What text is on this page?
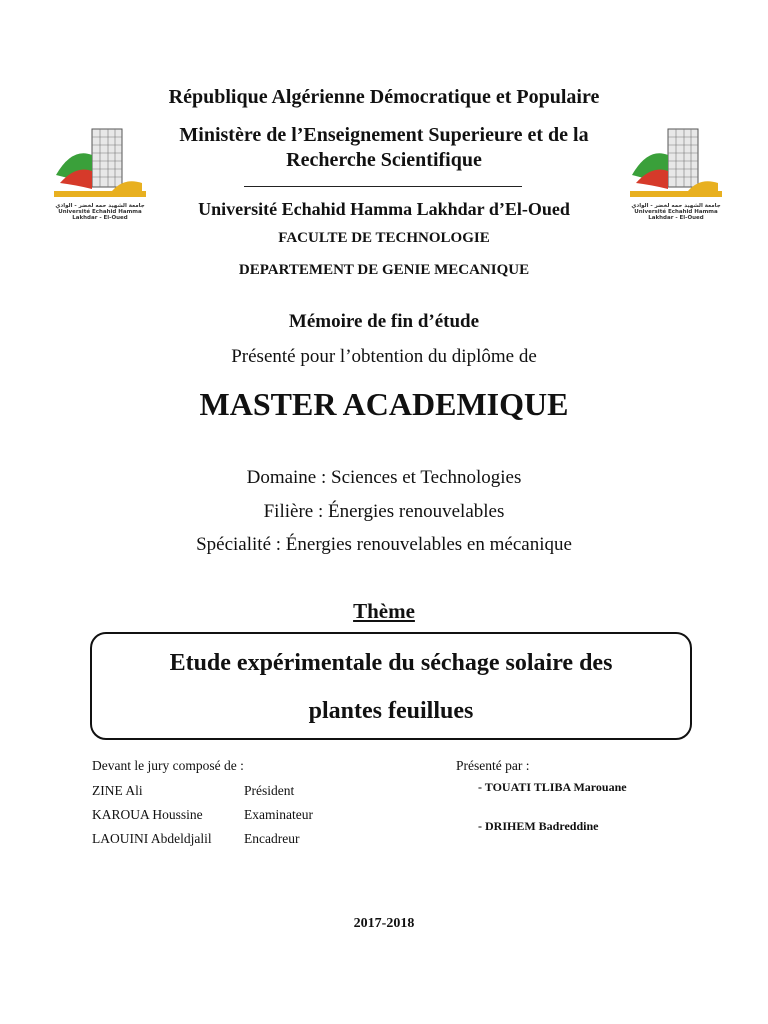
جامعة الشهيد حمه لخضر - الوادي
Université Echahid Hamma Lakhdar - El-Oued
جامعة الشهيد حمه لخضر - الوادي
Université Echahid Hamma Lakhdar - El-Oued
République Algérienne Démocratique et Populaire
Ministère de l’Enseignement Superieure et de la
Recherche Scientifique
Université Echahid Hamma Lakhdar d’El-Oued
FACULTE DE TECHNOLOGIE
DEPARTEMENT DE GENIE MECANIQUE
Mémoire de fin d’étude
Présenté pour l’obtention du diplôme de
MASTER ACADEMIQUE
Domaine : Sciences et Technologies
Filière : Énergies renouvelables
Spécialité : Énergies renouvelables en mécanique
Thème
Etude expérimentale du séchage solaire des
plantes feuillues
Devant le jury composé de :
ZINE Ali	Président
KAROUA Houssine	Examinateur
LAOUINI Abdeldjalil Encadreur
Présenté par :
- TOUATI TLIBA Marouane
- DRIHEM Badreddine
2017-2018
